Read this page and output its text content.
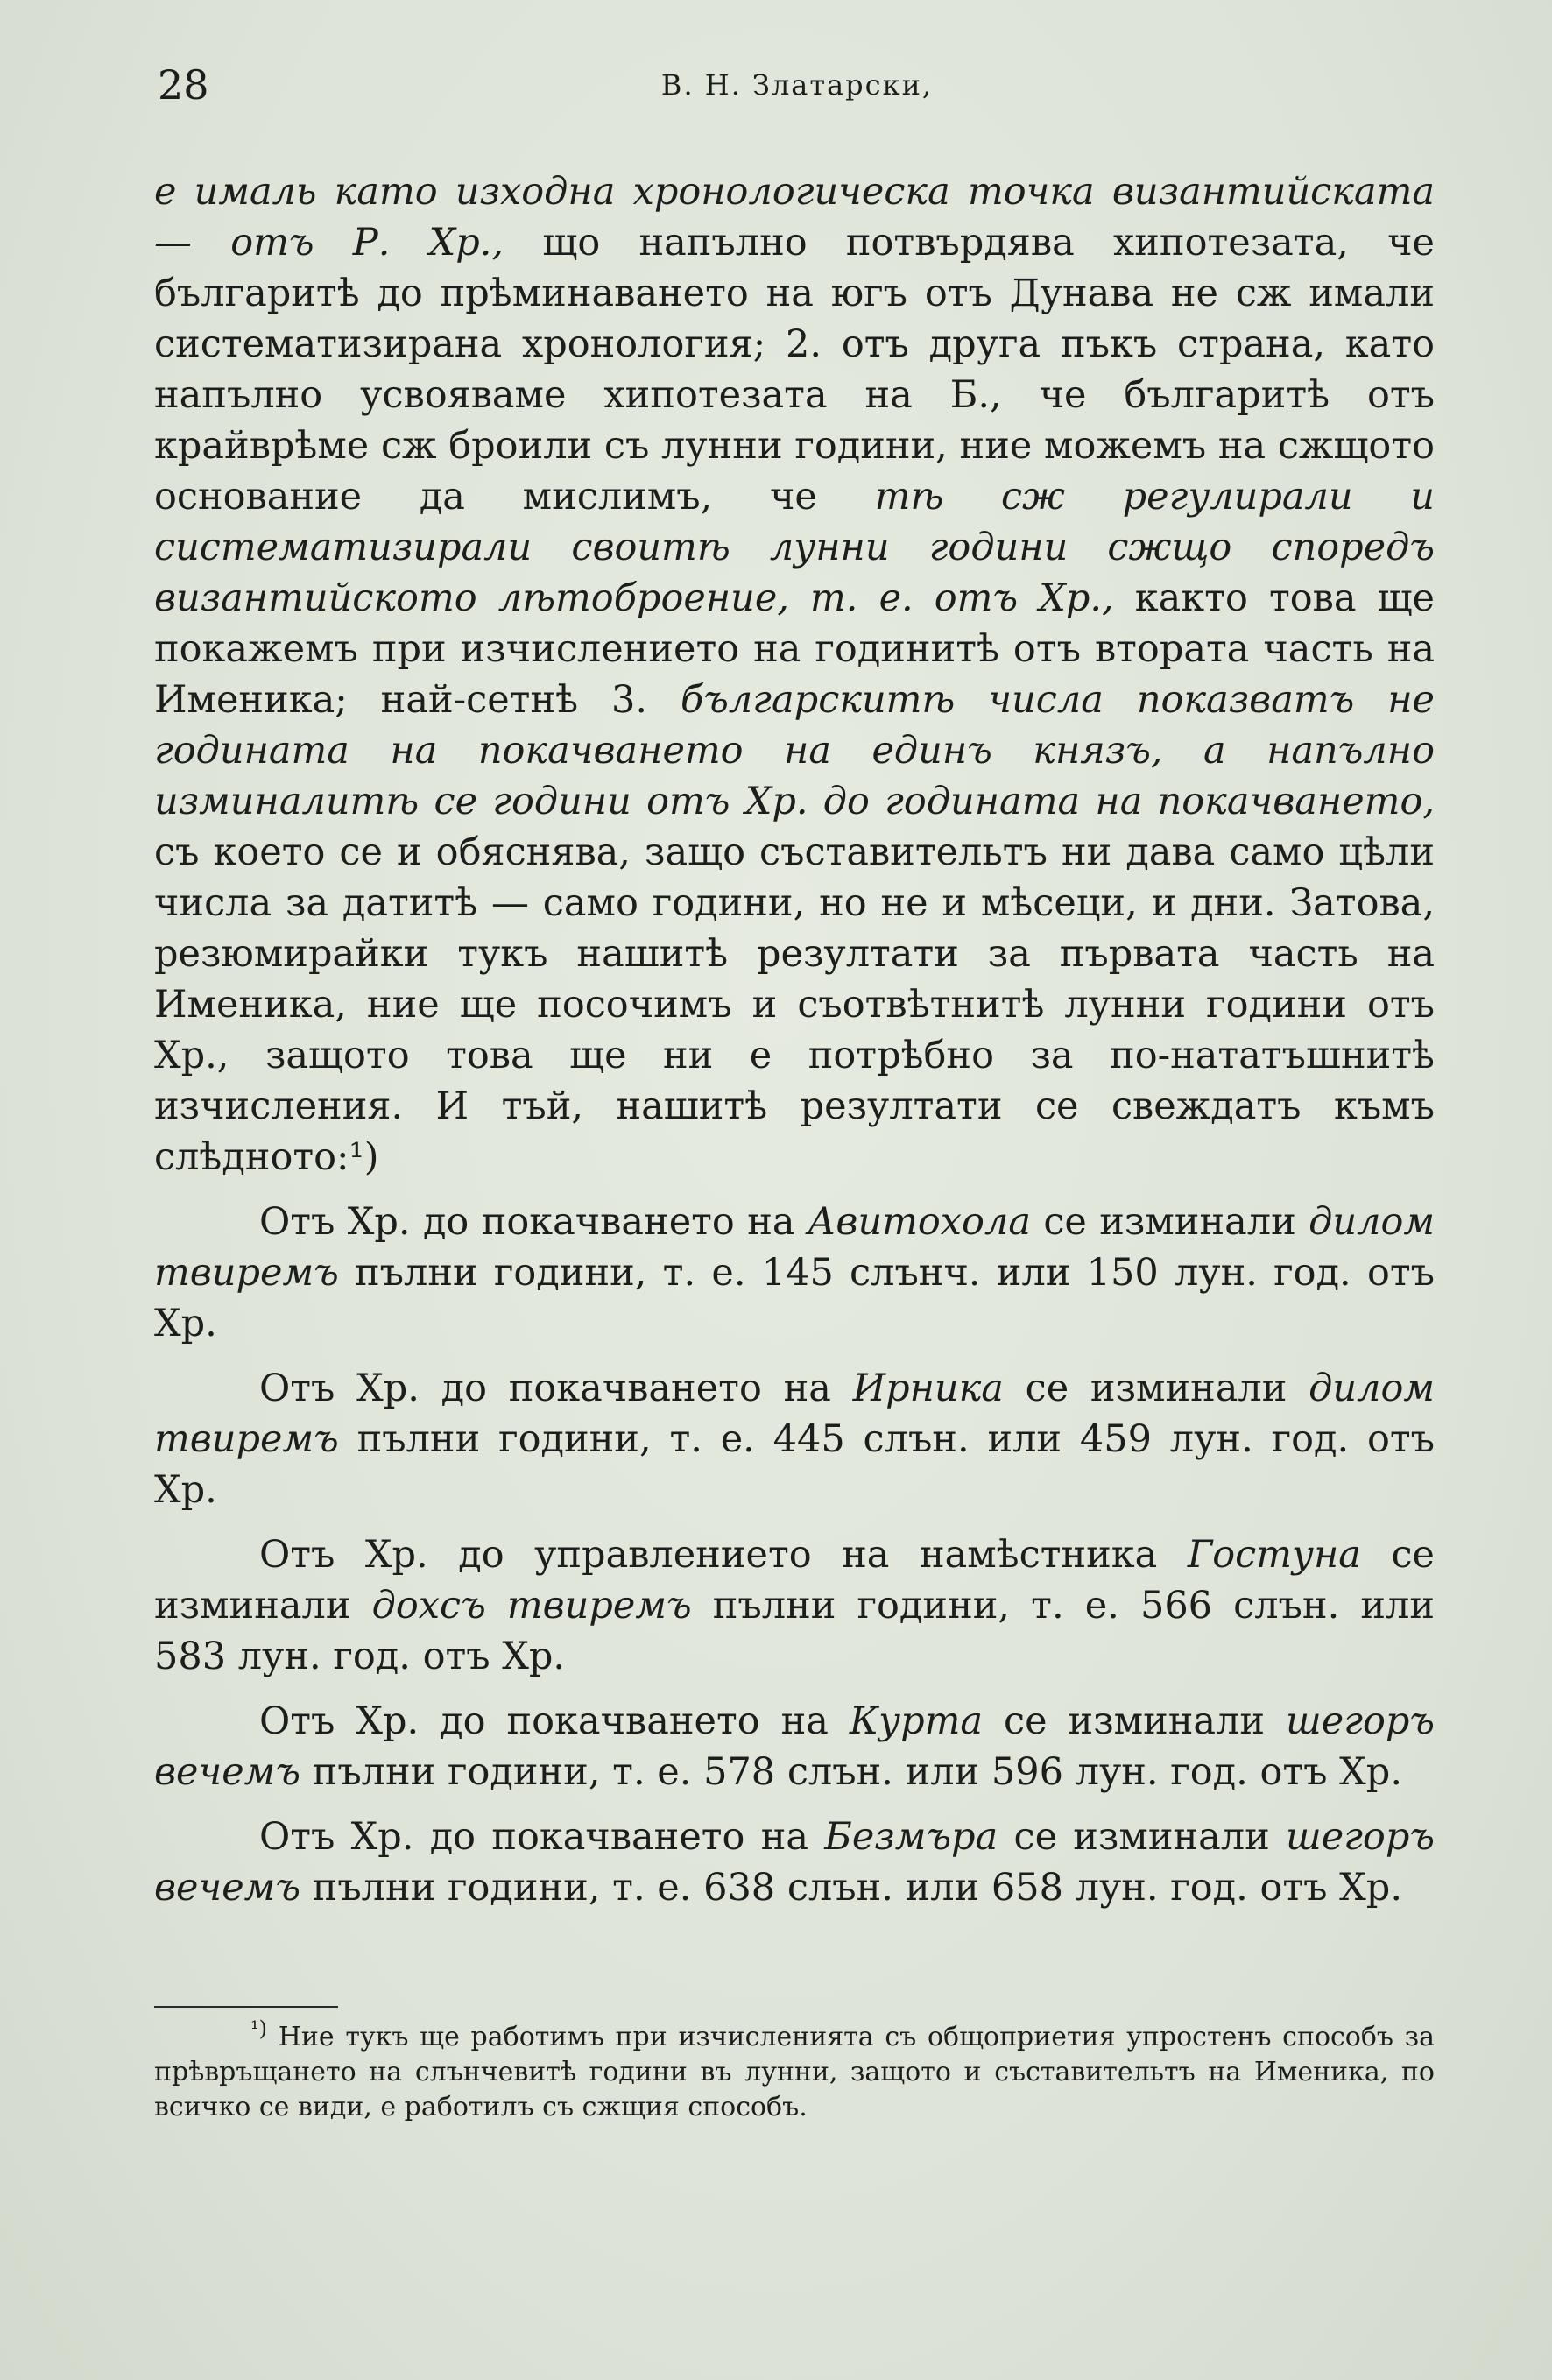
28	В. Н. Златарски,

е ималь като изходна хронологическа точка византийската — отъ Р. Хр., що напълно потвърдява хипотезата, че българитѣ до прѣминаването на югъ отъ Дунава не сж имали систематизирана хронология; 2. отъ друга пъкъ страна, като напълно усвояваме хипотезата на Б., че българитѣ отъ крайврѣме сж броили съ лунни години, ние можемъ на сжщото основание да мислимъ, че тѣ сж регулирали и систематизирали своитѣ лунни години сжщо споредъ византийското лѣтоброение, т. е. отъ Хр., както това ще покажемъ при изчислението на годинитѣ отъ втората часть на Именика; най-сетнѣ 3. българскитѣ числа показватъ не годината на покачването на единъ князъ, а напълно изминалитѣ се години отъ Хр. до годината на покачването, съ което се и обяснява, защо съставительтъ ни дава само цѣли числа за датитѣ — само години, но не и мѣсеци, и дни. Затова, резюмирайки тукъ нашитѣ резултати за първата часть на Именика, ние ще посочимъ и съотвѣтнитѣ лунни години отъ Хр., защото това ще ни е потрѣбно за по-нататъшнитѣ изчисления. И тъй, нашитѣ резултати се свеждатъ къмъ слѣдното:¹)

Отъ Хр. до покачването на Авитохола се изминали дилом твиремъ пълни години, т. е. 145 слънч. или 150 лун. год. отъ Хр.

Отъ Хр. до покачването на Ирника се изминали дилом твиремъ пълни години, т. е. 445 слън. или 459 лун. год. отъ Хр.

Отъ Хр. до управлението на намѣстника Гостуна се изминали дохсъ твиремъ пълни години, т. е. 566 слън. или 583 лун. год. отъ Хр.

Отъ Хр. до покачването на Курта се изминали шегоръ вечемъ пълни години, т. е. 578 слън. или 596 лун. год. отъ Хр.

Отъ Хр. до покачването на Безмъра се изминали шегоръ вечемъ пълни години, т. е. 638 слън. или 658 лун. год. отъ Хр.

$^{^1)}$ Ние тукъ ще работимъ при изчисленията съ общоприетия упростенъ способъ за прѣвръщането на слънчевитѣ години въ лунни, защото и съставительтъ на Именика, по всичко се види, е работилъ съ сжщия способъ.
